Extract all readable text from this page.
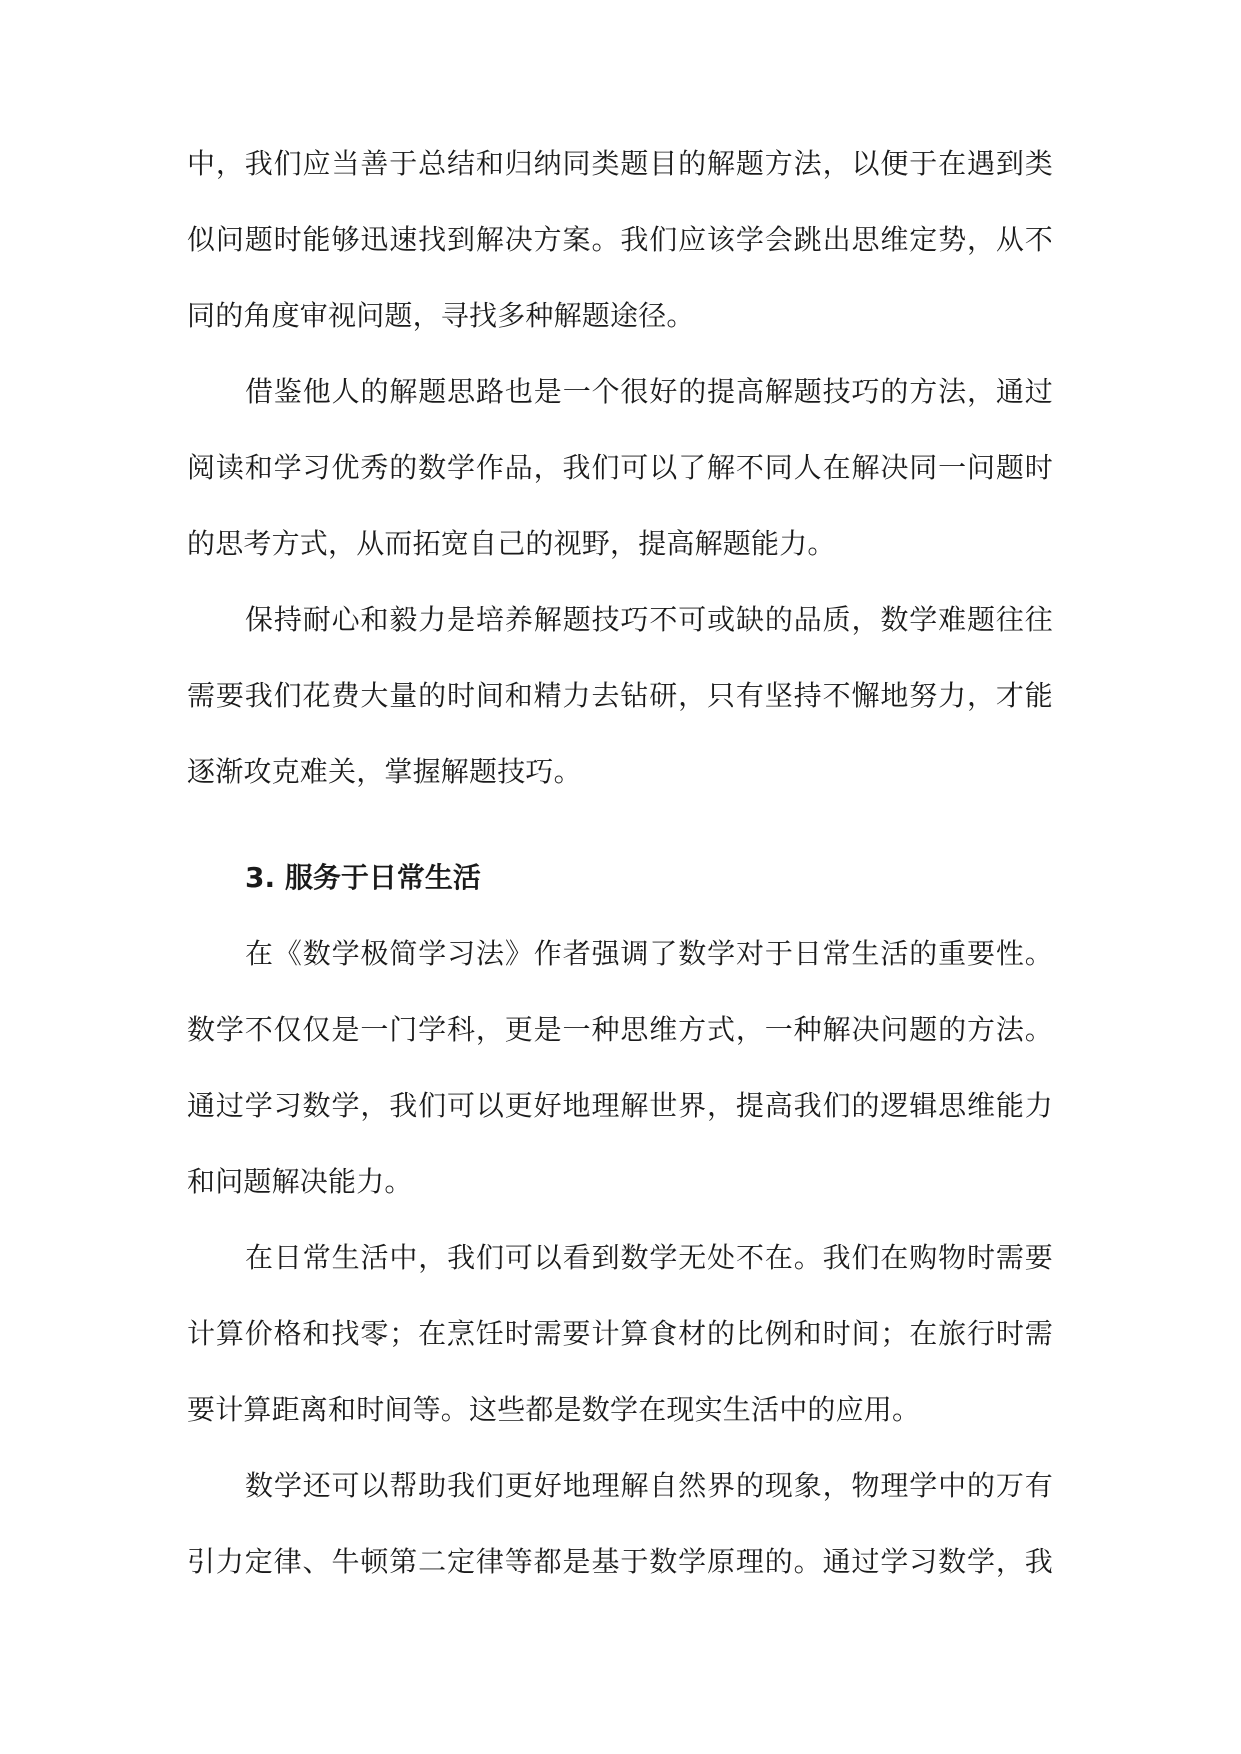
中，我们应当善于总结和归纳同类题目的解题方法，以便于在遇到类
似问题时能够迅速找到解决方案。我们应该学会跳出思维定势，从不
同的角度审视问题，寻找多种解题途径。
借鉴他人的解题思路也是一个很好的提高解题技巧的方法，通过
阅读和学习优秀的数学作品，我们可以了解不同人在解决同一问题时
的思考方式，从而拓宽自己的视野，提高解题能力。
保持耐心和毅力是培养解题技巧不可或缺的品质，数学难题往往
需要我们花费大量的时间和精力去钻研，只有坚持不懈地努力，才能
逐渐攻克难关，掌握解题技巧。
3. 服务于日常生活
在《数学极简学习法》作者强调了数学对于日常生活的重要性。
数学不仅仅是一门学科，更是一种思维方式，一种解决问题的方法。
通过学习数学，我们可以更好地理解世界，提高我们的逻辑思维能力
和问题解决能力。
在日常生活中，我们可以看到数学无处不在。我们在购物时需要
计算价格和找零；在烹饪时需要计算食材的比例和时间；在旅行时需
要计算距离和时间等。这些都是数学在现实生活中的应用。
数学还可以帮助我们更好地理解自然界的现象，物理学中的万有
引力定律、牛顿第二定律等都是基于数学原理的。通过学习数学，我
